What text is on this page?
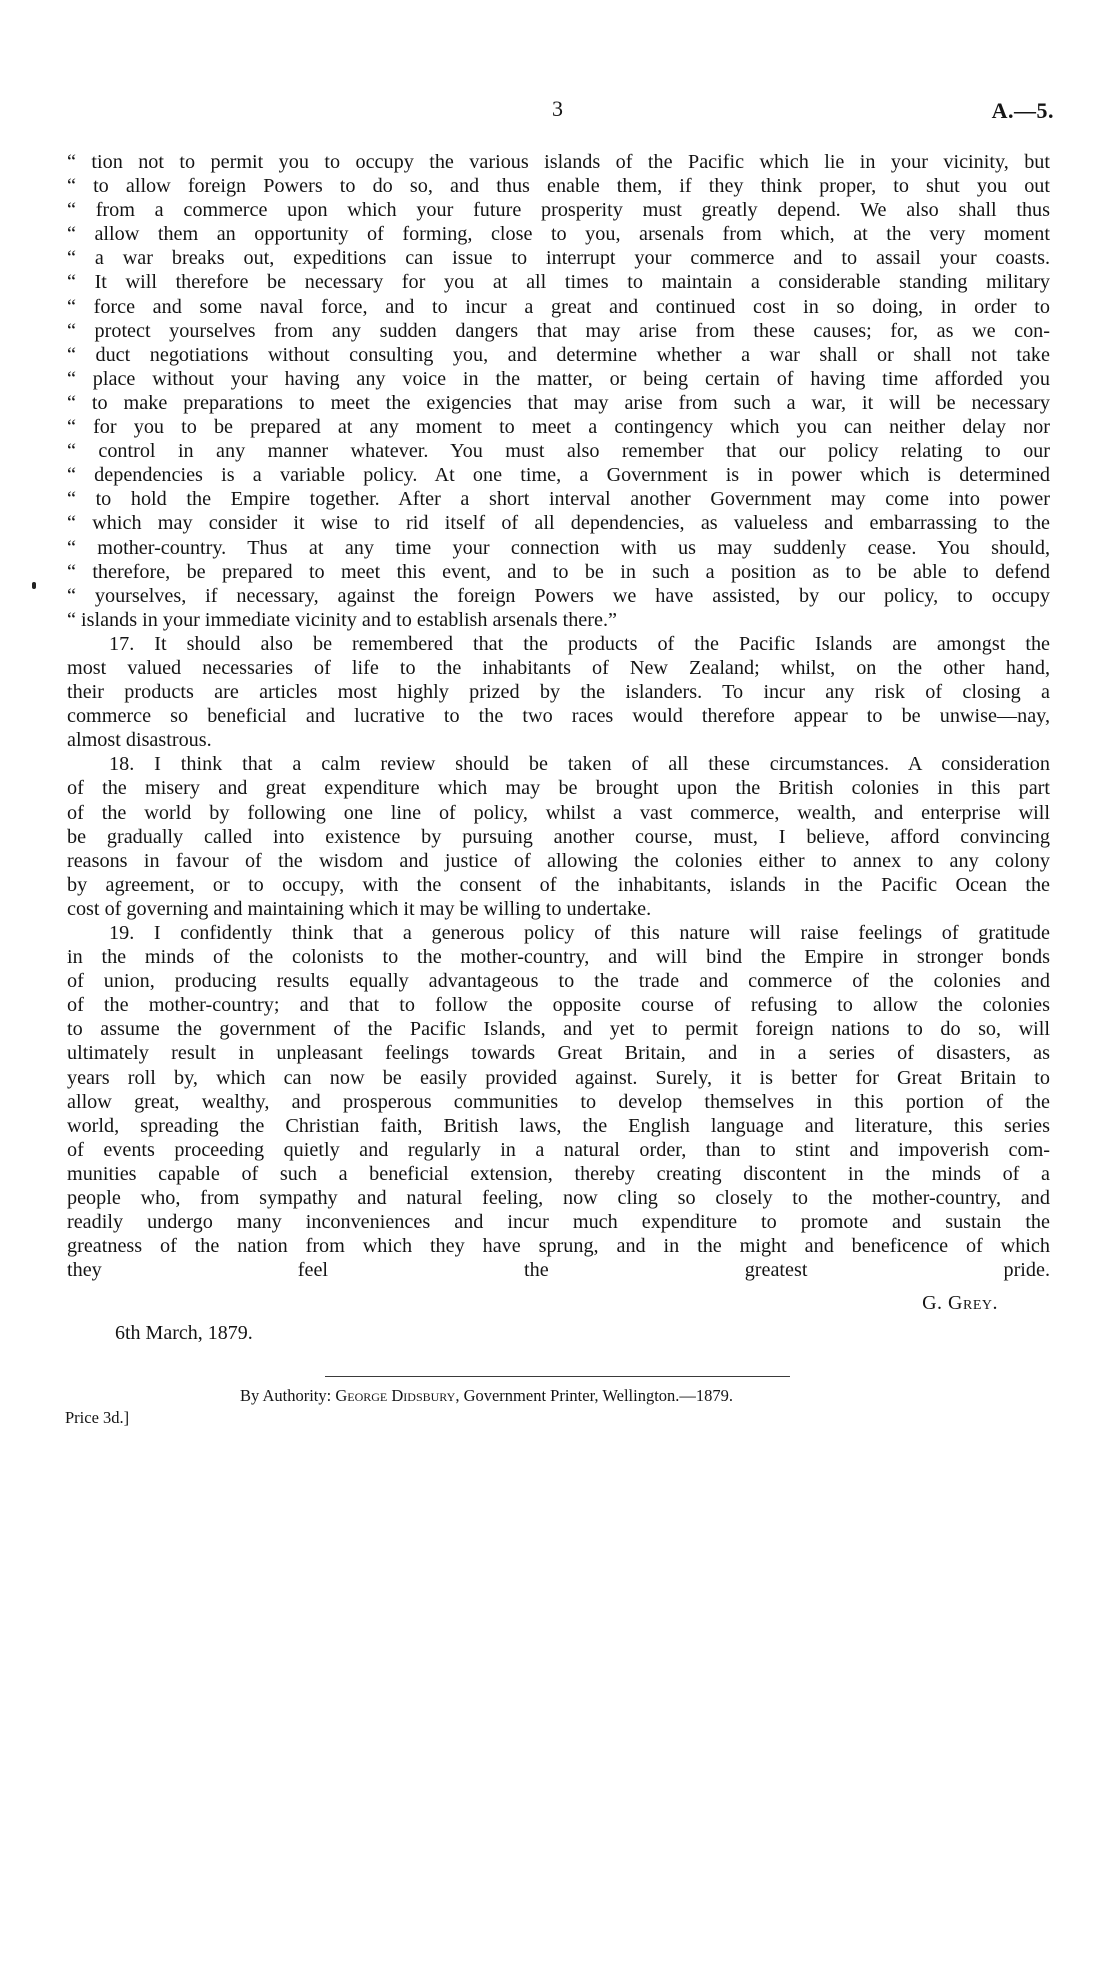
3	A.—5.
“ tion not to permit you to occupy the various islands of the Pacific which lie in your vicinity, but
“ to allow foreign Powers to do so, and thus enable them, if they think proper, to shut you out
“ from a commerce upon which your future prosperity must greatly depend. We also shall thus
“ allow them an opportunity of forming, close to you, arsenals from which, at the very moment
“ a war breaks out, expeditions can issue to interrupt your commerce and to assail your coasts.
“ It will therefore be necessary for you at all times to maintain a considerable standing military
“ force and some naval force, and to incur a great and continued cost in so doing, in order to
“ protect yourselves from any sudden dangers that may arise from these causes; for, as we con-
“ duct negotiations without consulting you, and determine whether a war shall or shall not take
“ place without your having any voice in the matter, or being certain of having time afforded you
“ to make preparations to meet the exigencies that may arise from such a war, it will be necessary
“ for you to be prepared at any moment to meet a contingency which you can neither delay nor
“ control in any manner whatever. You must also remember that our policy relating to our
“ dependencies is a variable policy. At one time, a Government is in power which is determined
“ to hold the Empire together. After a short interval another Government may come into power
“ which may consider it wise to rid itself of all dependencies, as valueless and embarrassing to the
“ mother-country. Thus at any time your connection with us may suddenly cease. You should,
“ therefore, be prepared to meet this event, and to be in such a position as to be able to defend
“ yourselves, if necessary, against the foreign Powers we have assisted, by our policy, to occupy
“ islands in your immediate vicinity and to establish arsenals there.”
17. It should also be remembered that the products of the Pacific Islands are amongst the
most valued necessaries of life to the inhabitants of New Zealand; whilst, on the other hand,
their products are articles most highly prized by the islanders. To incur any risk of closing a
commerce so beneficial and lucrative to the two races would therefore appear to be unwise—nay,
almost disastrous.
18. I think that a calm review should be taken of all these circumstances. A consideration
of the misery and great expenditure which may be brought upon the British colonies in this part
of the world by following one line of policy, whilst a vast commerce, wealth, and enterprise will
be gradually called into existence by pursuing another course, must, I believe, afford convincing
reasons in favour of the wisdom and justice of allowing the colonies either to annex to any colony
by agreement, or to occupy, with the consent of the inhabitants, islands in the Pacific Ocean the
cost of governing and maintaining which it may be willing to undertake.
19. I confidently think that a generous policy of this nature will raise feelings of gratitude
in the minds of the colonists to the mother-country, and will bind the Empire in stronger bonds
of union, producing results equally advantageous to the trade and commerce of the colonies and
of the mother-country; and that to follow the opposite course of refusing to allow the colonies
to assume the government of the Pacific Islands, and yet to permit foreign nations to do so, will
ultimately result in unpleasant feelings towards Great Britain, and in a series of disasters, as
years roll by, which can now be easily provided against. Surely, it is better for Great Britain to
allow great, wealthy, and prosperous communities to develop themselves in this portion of the
world, spreading the Christian faith, British laws, the English language and literature, this series
of events proceeding quietly and regularly in a natural order, than to stint and impoverish com-
munities capable of such a beneficial extension, thereby creating discontent in the minds of a
people who, from sympathy and natural feeling, now cling so closely to the mother-country, and
readily undergo many inconveniences and incur much expenditure to promote and sustain the
greatness of the nation from which they have sprung, and in the might and beneficence of which
they feel the greatest pride.
G. Grey.
6th March, 1879.
By Authority: George Didsbury, Government Printer, Wellington.—1879.
Price 3d.]
